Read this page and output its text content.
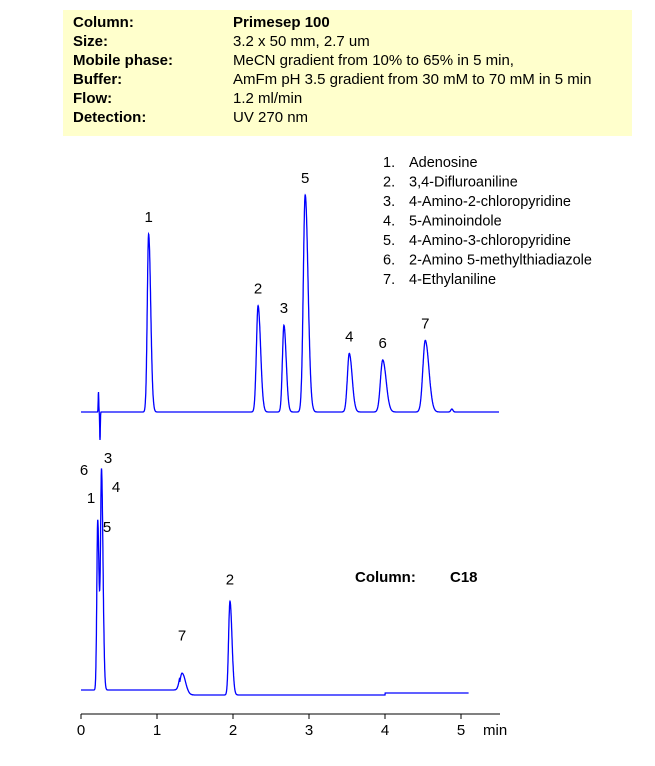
Column:	Primesep 100
Size:	3.2 x 50 mm, 2.7 um
Mobile phase:	MeCN gradient from 10% to 65% in 5 min,
Buffer:	AmFm pH 3.5 gradient from 30 mM to 70 mM in 5 min
Flow:	1.2 ml/min
Detection:	UV 270 nm
0	1	2	3	4	5 min
1
2
3
5
4 6
7
1
5
6
3
4
7
2	Column: C18
1. Adenosine
2. 3,4-Difluroaniline
3. 4-Amino-2-chloropyridine
4. 5-Aminoindole
5. 4-Amino-3-chloropyridine
6. 2-Amino 5-methylthiadiazole
7. 4-Ethylaniline
